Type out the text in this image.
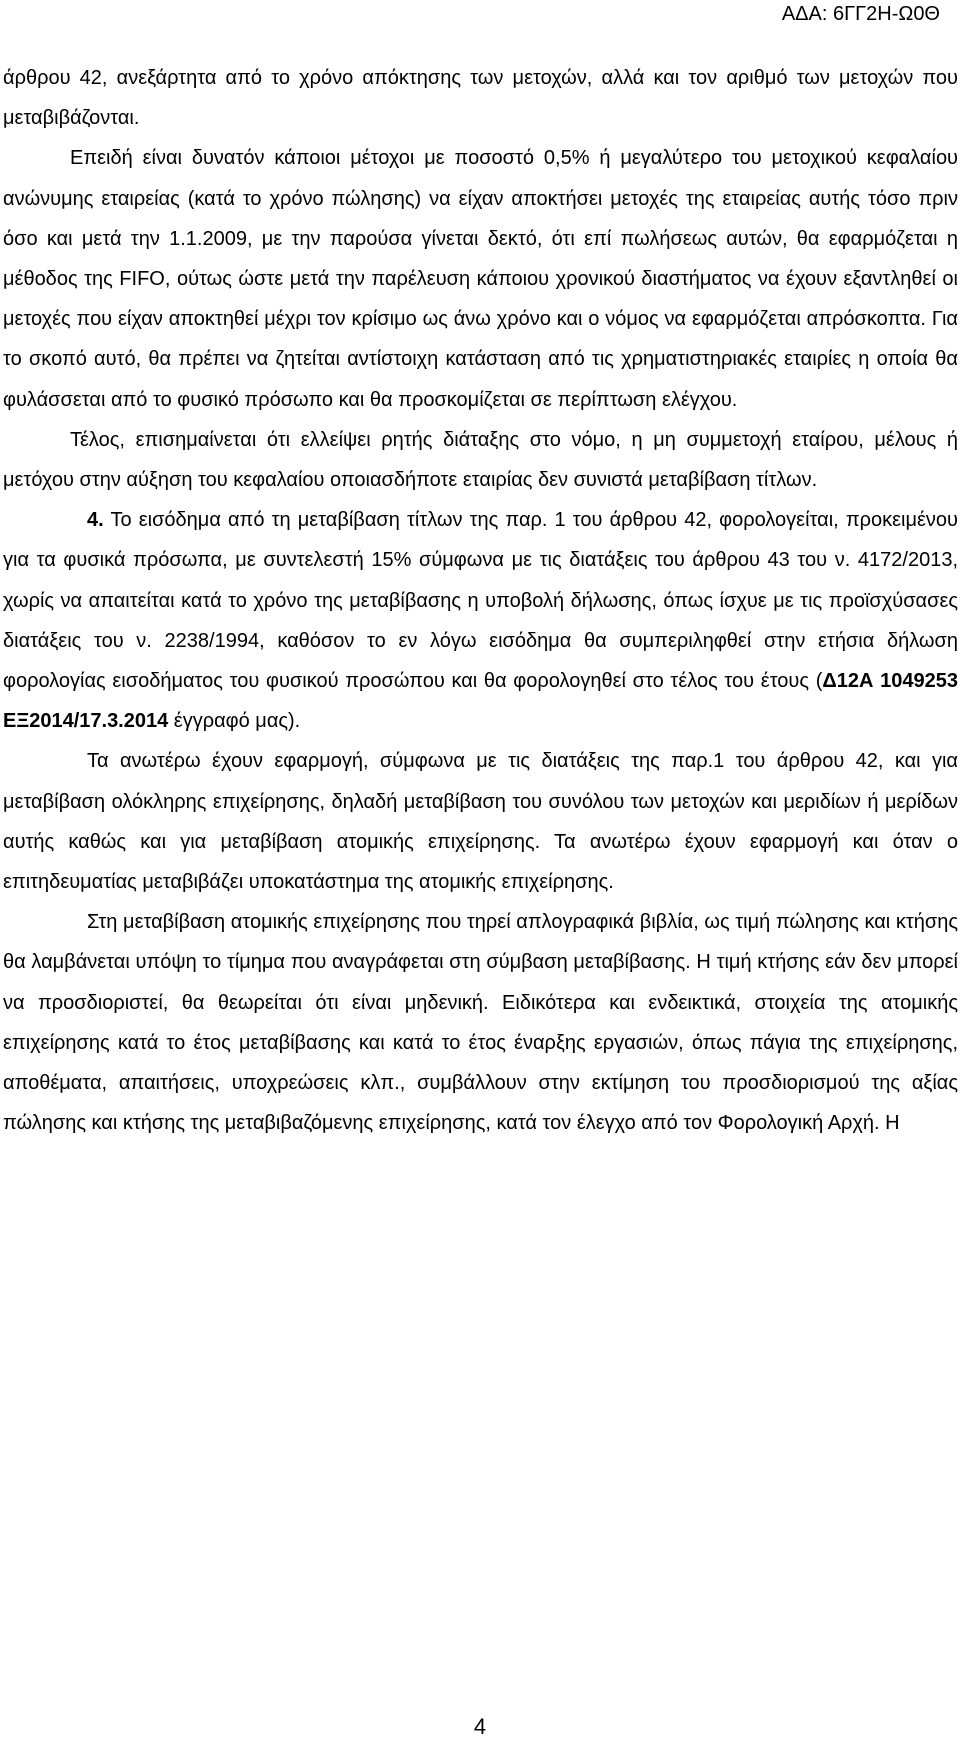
ΑΔΑ: 6ΓΓ2Η-Ω0Θ

άρθρου 42, ανεξάρτητα από το χρόνο απόκτησης των μετοχών, αλλά και τον αριθμό των μετοχών που μεταβιβάζονται.

Επειδή είναι δυνατόν κάποιοι μέτοχοι με ποσοστό 0,5% ή μεγαλύτερο του μετοχικού κεφαλαίου ανώνυμης εταιρείας (κατά το χρόνο πώλησης) να είχαν αποκτήσει μετοχές της εταιρείας αυτής τόσο πριν όσο και μετά την 1.1.2009, με την παρούσα γίνεται δεκτό, ότι επί πωλήσεως αυτών, θα εφαρμόζεται η μέθοδος της FIFO, ούτως ώστε μετά την παρέλευση κάποιου χρονικού διαστήματος να έχουν εξαντληθεί οι μετοχές που είχαν αποκτηθεί μέχρι τον κρίσιμο ως άνω χρόνο και ο νόμος να εφαρμόζεται απρόσκοπτα. Για το σκοπό αυτό, θα πρέπει να ζητείται αντίστοιχη κατάσταση από τις χρηματιστηριακές εταιρίες η οποία θα φυλάσσεται από το φυσικό πρόσωπο και θα προσκομίζεται σε περίπτωση ελέγχου.

Τέλος, επισημαίνεται ότι ελλείψει ρητής διάταξης στο νόμο, η μη συμμετοχή εταίρου, μέλους ή μετόχου στην αύξηση του κεφαλαίου οποιασδήποτε εταιρίας δεν συνιστά μεταβίβαση τίτλων.

4. Το εισόδημα από τη μεταβίβαση τίτλων της παρ. 1 του άρθρου 42, φορολογείται, προκειμένου για τα φυσικά πρόσωπα, με συντελεστή 15% σύμφωνα με τις διατάξεις του άρθρου 43 του ν. 4172/2013, χωρίς να απαιτείται κατά το χρόνο της μεταβίβασης η υποβολή δήλωσης, όπως ίσχυε με τις προϊσχύσασες διατάξεις του ν. 2238/1994, καθόσον το εν λόγω εισόδημα θα συμπεριληφθεί στην ετήσια δήλωση φορολογίας εισοδήματος του φυσικού προσώπου και θα φορολογηθεί στο τέλος του έτους (Δ12Α 1049253 ΕΞ2014/17.3.2014 έγγραφό μας).

Τα ανωτέρω έχουν εφαρμογή, σύμφωνα με τις διατάξεις της παρ.1 του άρθρου 42, και για μεταβίβαση ολόκληρης επιχείρησης, δηλαδή μεταβίβαση του συνόλου των μετοχών και μεριδίων ή μερίδων αυτής καθώς και για μεταβίβαση ατομικής επιχείρησης. Τα ανωτέρω έχουν εφαρμογή και όταν ο επιτηδευματίας μεταβιβάζει υποκατάστημα της ατομικής επιχείρησης.

Στη μεταβίβαση ατομικής επιχείρησης που τηρεί απλογραφικά βιβλία, ως τιμή πώλησης και κτήσης θα λαμβάνεται υπόψη το τίμημα που αναγράφεται στη σύμβαση μεταβίβασης. Η τιμή κτήσης εάν δεν μπορεί να προσδιοριστεί, θα θεωρείται ότι είναι μηδενική. Ειδικότερα και ενδεικτικά, στοιχεία της ατομικής επιχείρησης κατά το έτος μεταβίβασης και κατά το έτος έναρξης εργασιών, όπως πάγια της επιχείρησης, αποθέματα, απαιτήσεις, υποχρεώσεις κλπ., συμβάλλουν στην εκτίμηση του προσδιορισμού της αξίας πώλησης και κτήσης της μεταβιβαζόμενης επιχείρησης, κατά τον έλεγχο από τον Φορολογική Αρχή. Η

4
